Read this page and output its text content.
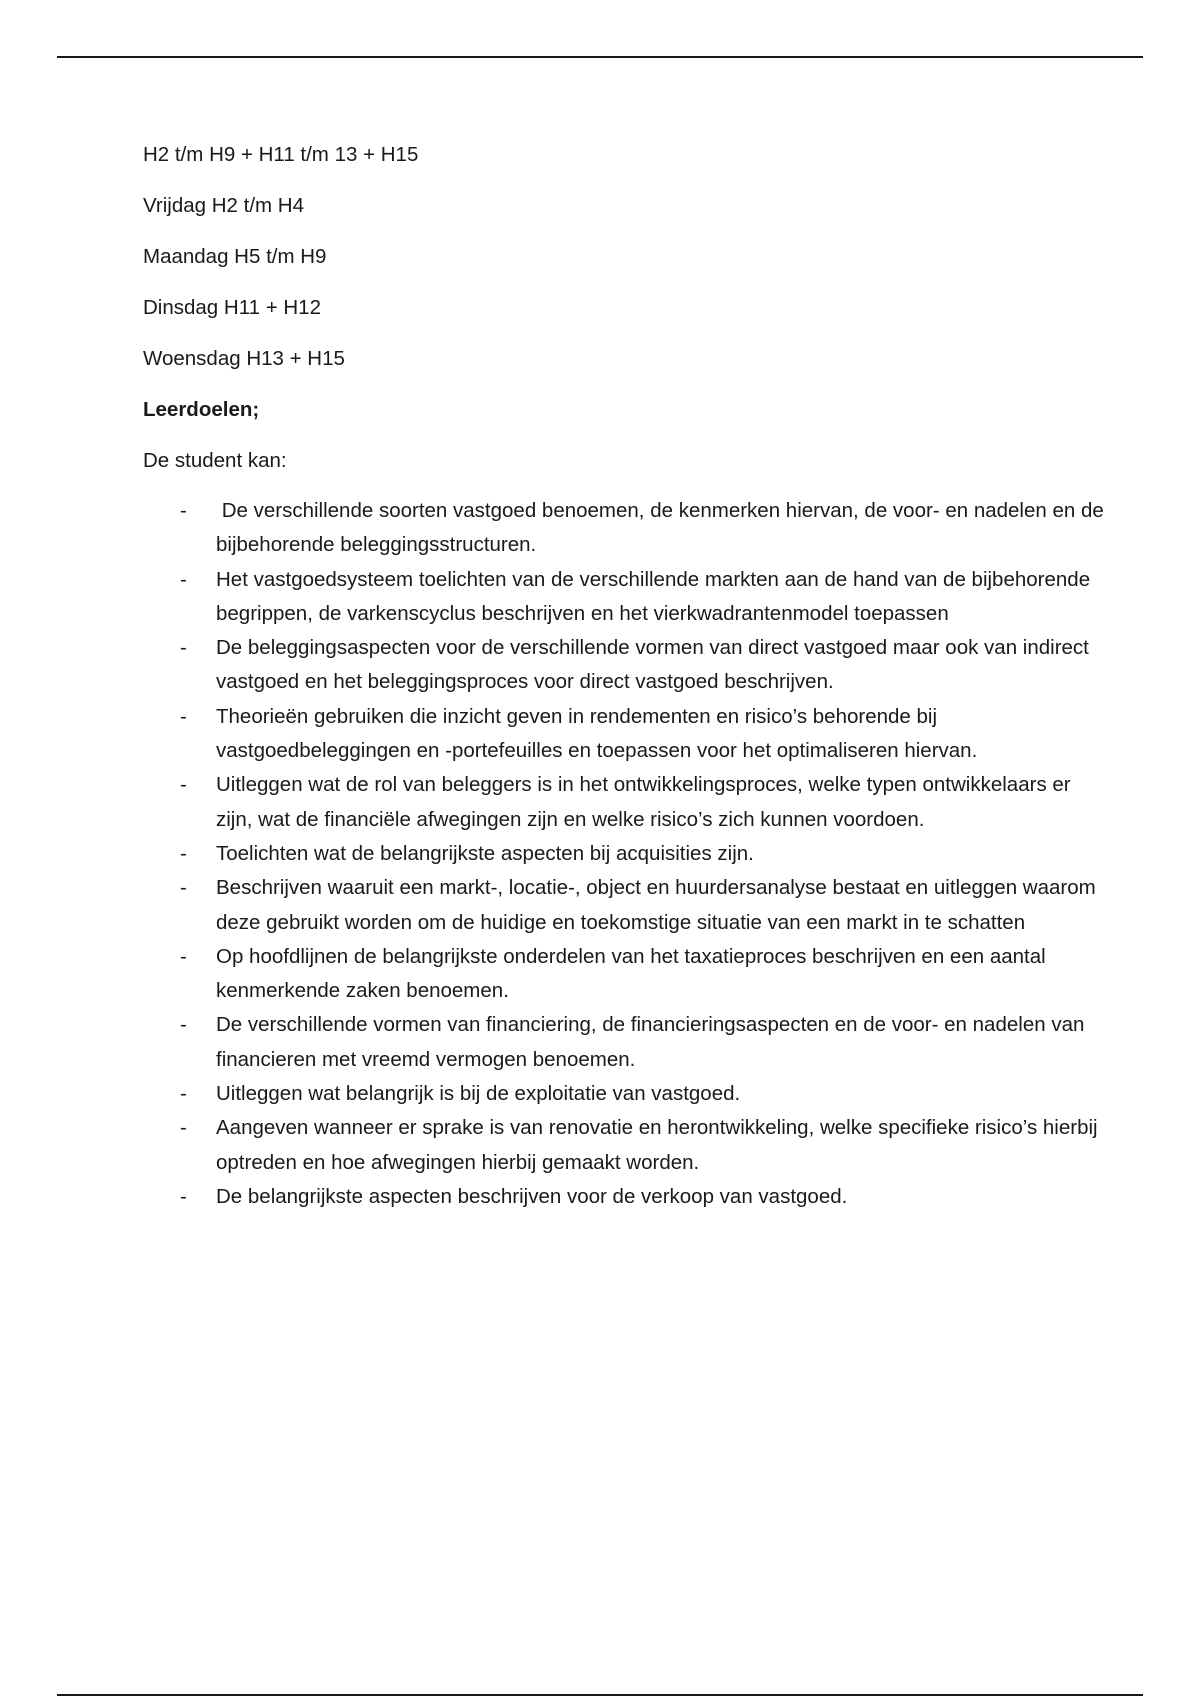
H2 t/m H9 + H11 t/m 13 + H15

Vrijdag H2 t/m H4

Maandag H5 t/m H9

Dinsdag H11 + H12

Woensdag H13 + H15

Leerdoelen;

De student kan:

-	De verschillende soorten vastgoed benoemen, de kenmerken hiervan, de voor- en nadelen en de bijbehorende beleggingsstructuren.
-	Het vastgoedsysteem toelichten van de verschillende markten aan de hand van de bijbehorende begrippen, de varkenscyclus beschrijven en het vierkwadrantenmodel toepassen
-	De beleggingsaspecten voor de verschillende vormen van direct vastgoed maar ook van indirect vastgoed en het beleggingsproces voor direct vastgoed beschrijven.
-	Theorieën gebruiken die inzicht geven in rendementen en risico’s behorende bij vastgoedbeleggingen en -portefeuilles en toepassen voor het optimaliseren hiervan.
-	Uitleggen wat de rol van beleggers is in het ontwikkelingsproces, welke typen ontwikkelaars er zijn, wat de financiële afwegingen zijn en welke risico’s zich kunnen voordoen.
-	Toelichten wat de belangrijkste aspecten bij acquisities zijn.
-	Beschrijven waaruit een markt-, locatie-, object en huurdersanalyse bestaat en uitleggen waarom deze gebruikt worden om de huidige en toekomstige situatie van een markt in te schatten
-	Op hoofdlijnen de belangrijkste onderdelen van het taxatieproces beschrijven en een aantal kenmerkende zaken benoemen.
-	De verschillende vormen van financiering, de financieringsaspecten en de voor- en nadelen van financieren met vreemd vermogen benoemen.
-	Uitleggen wat belangrijk is bij de exploitatie van vastgoed.
-	Aangeven wanneer er sprake is van renovatie en herontwikkeling, welke specifieke risico’s hierbij optreden en hoe afwegingen hierbij gemaakt worden.
-	De belangrijkste aspecten beschrijven voor de verkoop van vastgoed.
